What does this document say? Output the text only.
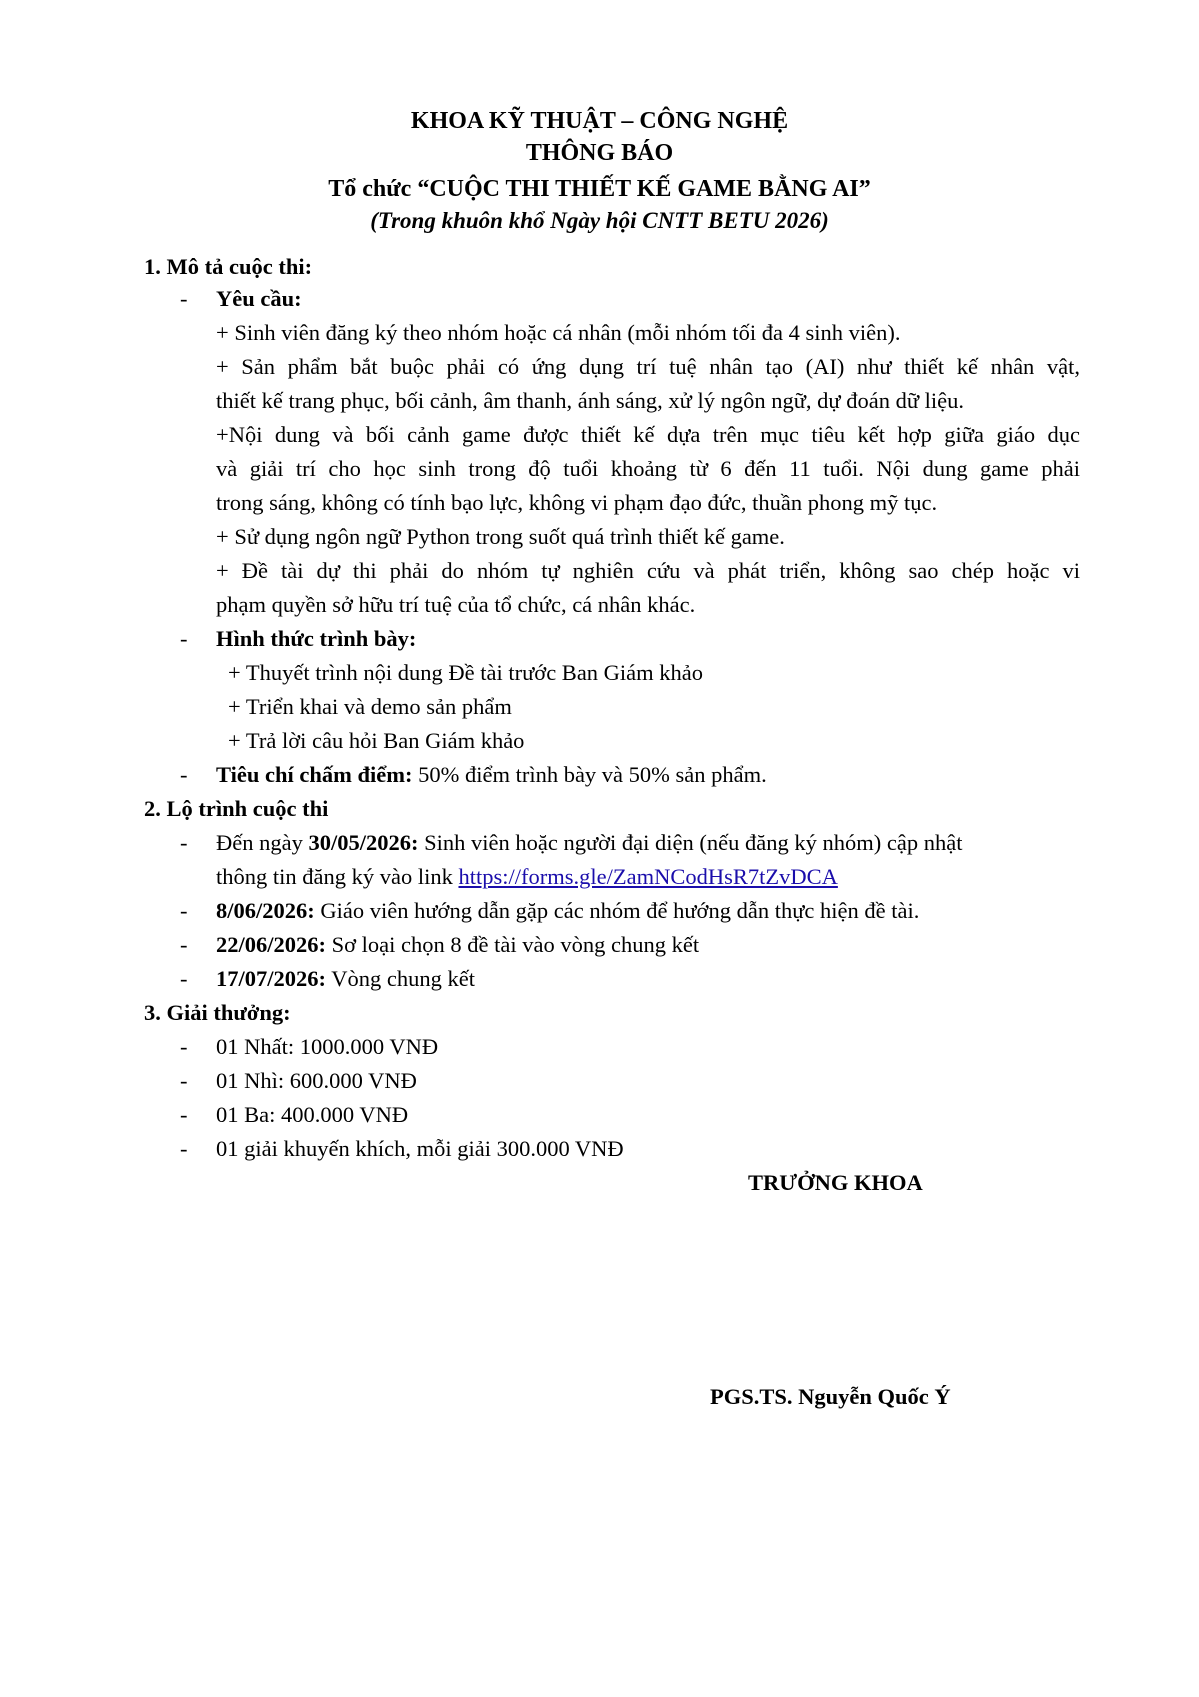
KHOA KỸ THUẬT – CÔNG NGHỆ
THÔNG BÁO
Tổ chức “CUỘC THI THIẾT KẾ GAME BẰNG AI”
(Trong khuôn khổ Ngày hội CNTT BETU 2026)
1. Mô tả cuộc thi:
- Yêu cầu:
+ Sinh viên đăng ký theo nhóm hoặc cá nhân (mỗi nhóm tối đa 4 sinh viên).
+ Sản phẩm bắt buộc phải có ứng dụng trí tuệ nhân tạo (AI) như thiết kế nhân vật,
thiết kế trang phục, bối cảnh, âm thanh, ánh sáng, xử lý ngôn ngữ, dự đoán dữ liệu.
+Nội dung và bối cảnh game được thiết kế dựa trên mục tiêu kết hợp giữa giáo dục
và giải trí cho học sinh trong độ tuổi khoảng từ 6 đến 11 tuổi. Nội dung game phải
trong sáng, không có tính bạo lực, không vi phạm đạo đức, thuần phong mỹ tục.
+ Sử dụng ngôn ngữ Python trong suốt quá trình thiết kế game.
+ Đề tài dự thi phải do nhóm tự nghiên cứu và phát triển, không sao chép hoặc vi
phạm quyền sở hữu trí tuệ của tổ chức, cá nhân khác.
- Hình thức trình bày:
+ Thuyết trình nội dung Đề tài trước Ban Giám khảo
+ Triển khai và demo sản phẩm
+ Trả lời câu hỏi Ban Giám khảo
- Tiêu chí chấm điểm: 50% điểm trình bày và 50% sản phẩm.
2. Lộ trình cuộc thi
- Đến ngày 30/05/2026: Sinh viên hoặc người đại diện (nếu đăng ký nhóm) cập nhật
thông tin đăng ký vào link https://forms.gle/ZamNCodHsR7tZvDCA
- 8/06/2026: Giáo viên hướng dẫn gặp các nhóm để hướng dẫn thực hiện đề tài.
- 22/06/2026: Sơ loại chọn 8 đề tài vào vòng chung kết
- 17/07/2026: Vòng chung kết
3. Giải thưởng:
- 01 Nhất: 1000.000 VNĐ
- 01 Nhì: 600.000 VNĐ
- 01 Ba: 400.000 VNĐ
- 01 giải khuyến khích, mỗi giải 300.000 VNĐ
TRƯỞNG KHOA
PGS.TS. Nguyễn Quốc Ý
